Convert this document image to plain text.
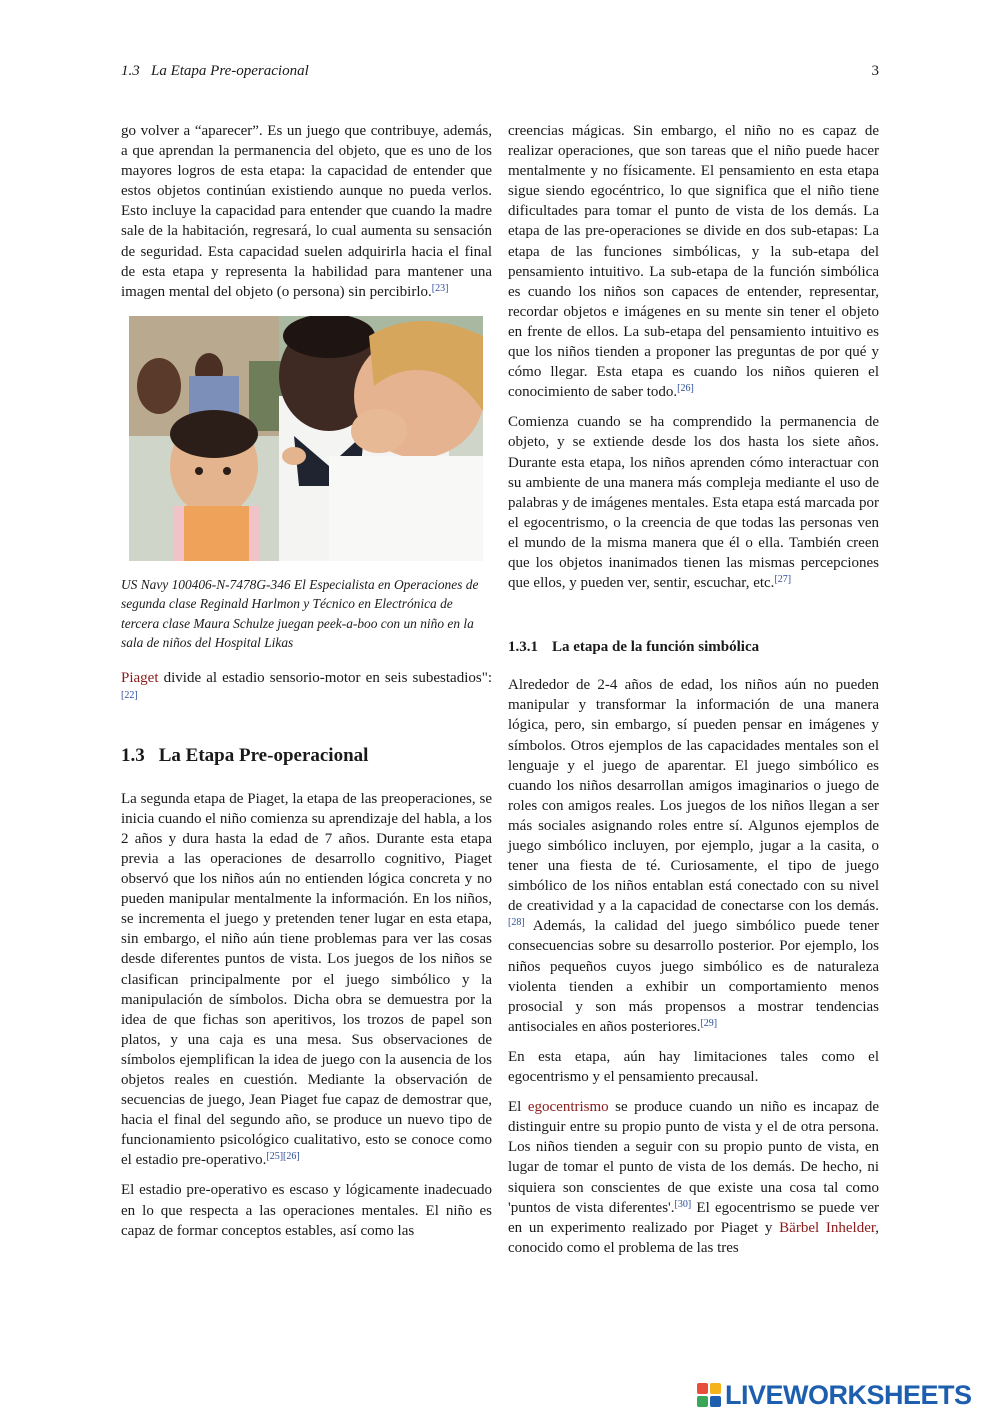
1.3   La Etapa Pre-operacional	3

go volver a “aparecer”. Es un juego que contribuye, además, a que aprendan la permanencia del objeto, que es uno de los mayores logros de esta etapa: la capacidad de entender que estos objetos continúan existiendo aunque no pueda verlos. Esto incluye la capacidad para entender que cuando la madre sale de la habitación, regresará, lo cual aumenta su sensación de seguridad. Esta capacidad suelen adquirirla hacia el final de esta etapa y representa la habilidad para mantener una imagen mental del objeto (o persona) sin percibirlo.[23]

US Navy 100406-N-7478G-346 El Especialista en Operaciones de segunda clase Reginald Harlmon y Técnico en Electrónica de tercera clase Maura Schulze juegan peek-a-boo con un niño en la sala de niños del Hospital Likas

Piaget divide al estadio sensorio-motor en seis subestadios":[22]

1.3 La Etapa Pre-operacional

La segunda etapa de Piaget, la etapa de las preoperaciones, se inicia cuando el niño comienza su aprendizaje del habla, a los 2 años y dura hasta la edad de 7 años. Durante esta etapa previa a las operaciones de desarrollo cognitivo, Piaget observó que los niños aún no entienden lógica concreta y no pueden manipular mentalmente la información. En los niños, se incrementa el juego y pretenden tener lugar en esta etapa, sin embargo, el niño aún tiene problemas para ver las cosas desde diferentes puntos de vista. Los juegos de los niños se clasifican principalmente por el juego simbólico y la manipulación de símbolos. Dicha obra se demuestra por la idea de que fichas son aperitivos, los trozos de papel son platos, y una caja es una mesa. Sus observaciones de símbolos ejemplifican la idea de juego con la ausencia de los objetos reales en cuestión. Mediante la observación de secuencias de juego, Jean Piaget fue capaz de demostrar que, hacia el final del segundo año, se produce un nuevo tipo de funcionamiento psicológico cualitativo, esto se conoce como el estadio pre-operativo.[25][26]

El estadio pre-operativo es escaso y lógicamente inadecuado en lo que respecta a las operaciones mentales. El niño es capaz de formar conceptos estables, así como las

creencias mágicas. Sin embargo, el niño no es capaz de realizar operaciones, que son tareas que el niño puede hacer mentalmente y no físicamente. El pensamiento en esta etapa sigue siendo egocéntrico, lo que significa que el niño tiene dificultades para tomar el punto de vista de los demás. La etapa de las pre-operaciones se divide en dos sub-etapas: La etapa de las funciones simbólicas, y la sub-etapa del pensamiento intuitivo. La sub-etapa de la función simbólica es cuando los niños son capaces de entender, representar, recordar objetos e imágenes en su mente sin tener el objeto en frente de ellos. La sub-etapa del pensamiento intuitivo es que los niños tienden a proponer las preguntas de por qué y cómo llegar. Esta etapa es cuando los niños quieren el conocimiento de saber todo.[26]

Comienza cuando se ha comprendido la permanencia de objeto, y se extiende desde los dos hasta los siete años. Durante esta etapa, los niños aprenden cómo interactuar con su ambiente de una manera más compleja mediante el uso de palabras y de imágenes mentales. Esta etapa está marcada por el egocentrismo, o la creencia de que todas las personas ven el mundo de la misma manera que él o ella. También creen que los objetos inanimados tienen las mismas percepciones que ellos, y pueden ver, sentir, escuchar, etc.[27]

1.3.1 La etapa de la función simbólica

Alrededor de 2-4 años de edad, los niños aún no pueden manipular y transformar la información de una manera lógica, pero, sin embargo, sí pueden pensar en imágenes y símbolos. Otros ejemplos de las capacidades mentales son el lenguaje y el juego de aparentar. El juego simbólico es cuando los niños desarrollan amigos imaginarios o juego de roles con amigos reales. Los juegos de los niños llegan a ser más sociales asignando roles entre sí. Algunos ejemplos de juego simbólico incluyen, por ejemplo, jugar a la casita, o tener una fiesta de té. Curiosamente, el tipo de juego simbólico de los niños entablan está conectado con su nivel de creatividad y a la capacidad de conectarse con los demás.[28] Además, la calidad del juego simbólico puede tener consecuencias sobre su desarrollo posterior. Por ejemplo, los niños pequeños cuyos juego simbólico es de naturaleza violenta tienden a exhibir un comportamiento menos prosocial y son más propensos a mostrar tendencias antisociales en años posteriores.[29]

En esta etapa, aún hay limitaciones tales como el egocentrismo y el pensamiento precausal.

El egocentrismo se produce cuando un niño es incapaz de distinguir entre su propio punto de vista y el de otra persona. Los niños tienden a seguir con su propio punto de vista, en lugar de tomar el punto de vista de los demás. De hecho, ni siquiera son conscientes de que existe una cosa tal como 'puntos de vista diferentes'.[30] El egocentrismo se puede ver en un experimento realizado por Piaget y Bärbel Inhelder, conocido como el problema de las tres

LIVEWORKSHEETS
